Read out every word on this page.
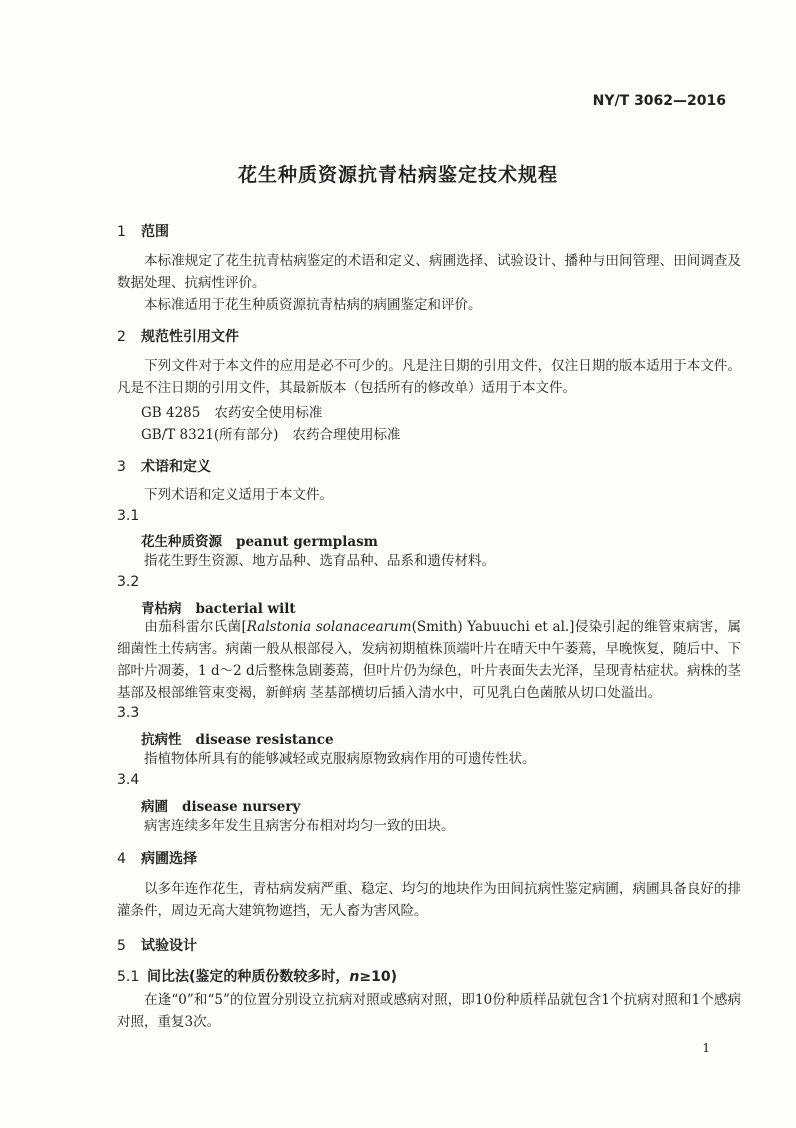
NY/T 3062—2016
花生种质资源抗青枯病鉴定技术规程
1 范围
本标准规定了花生抗青枯病鉴定的术语和定义、病圃选择、试验设计、播种与田间管理、田间调查及数据处理、抗病性评价。
本标准适用于花生种质资源抗青枯病的病圃鉴定和评价。
2 规范性引用文件
下列文件对于本文件的应用是必不可少的。凡是注日期的引用文件，仅注日期的版本适用于本文件。凡是不注日期的引用文件，其最新版本（包括所有的修改单）适用于本文件。
GB 4285 农药安全使用标准
GB/T 8321(所有部分) 农药合理使用标准
3 术语和定义
下列术语和定义适用于本文件。
3.1
花生种质资源 peanut germplasm
指花生野生资源、地方品种、选育品种、品系和遗传材料。
3.2
青枯病 bacterial wilt
由茄科雷尔氏菌[Ralstonia solanacearum(Smith) Yabuuchi et al.]侵染引起的维管束病害，属细菌性土传病害。病菌一般从根部侵入，发病初期植株顶端叶片在晴天中午萎蔫，早晚恢复，随后中、下部叶片凋萎，1 d～2 d后整株急剧萎蔫，但叶片仍为绿色，叶片表面失去光泽，呈现青枯症状。病株的茎基部及根部维管束变褐，新鲜病 茎基部横切后插入清水中，可见乳白色菌脓从切口处溢出。
3.3
抗病性 disease resistance
指植物体所具有的能够减轻或克服病原物致病作用的可遗传性状。
3.4
病圃 disease nursery
病害连续多年发生且病害分布相对均匀一致的田块。
4 病圃选择
以多年连作花生，青枯病发病严重、稳定、均匀的地块作为田间抗病性鉴定病圃，病圃具备良好的排灌条件，周边无高大建筑物遮挡，无人畜为害风险。
5 试验设计
5.1 间比法(鉴定的种质份数较多时，n≥10)
在逢“0”和“5”的位置分别设立抗病对照或感病对照，即10份种质样品就包含1个抗病对照和1个感病对照，重复3次。
1
